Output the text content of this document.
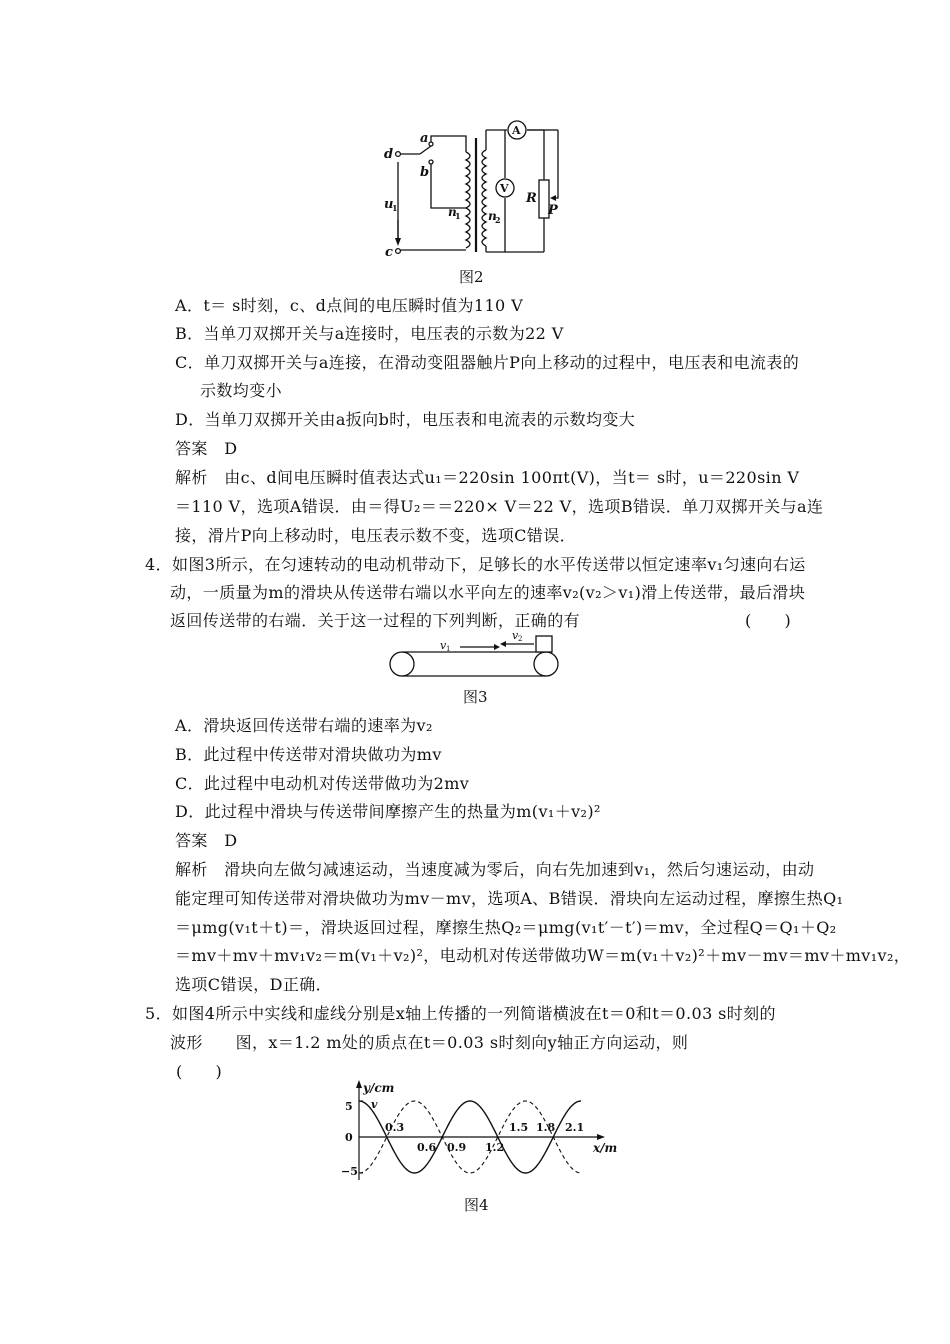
d
a
b
c
u
1	n
1 n
2
A
V
R
P
图2
A．t＝ s时刻，c、d点间的电压瞬时值为110 V
B．当单刀双掷开关与a连接时，电压表的示数为22 V
C．单刀双掷开关与a连接，在滑动变阻器触片P向上移动的过程中，电压表和电流表的
示数均变小
D．当单刀双掷开关由a扳向b时，电压表和电流表的示数均变大
答案　D
解析　由c、d间电压瞬时值表达式u₁＝220sin 100πt(V)，当t＝ s时，u＝220sin V
＝110 V，选项A错误．由＝得U₂＝＝220× V＝22 V，选项B错误．单刀双掷开关与a连
接，滑片P向上移动时，电压表示数不变，选项C错误．
4．如图3所示，在匀速转动的电动机带动下，足够长的水平传送带以恒定速率v₁匀速向右运
动，一质量为m的滑块从传送带右端以水平向左的速率v₂(v₂＞v₁)滑上传送带，最后滑块
返回传送带的右端．关于这一过程的下列判断，正确的有	(　　)
v 1
v 2
图3
A．滑块返回传送带右端的速率为v₂
B．此过程中传送带对滑块做功为mv
C．此过程中电动机对传送带做功为2mv
D．此过程中滑块与传送带间摩擦产生的热量为m(v₁＋v₂)²
答案　D
解析　滑块向左做匀减速运动，当速度减为零后，向右先加速到v₁，然后匀速运动，由动
能定理可知传送带对滑块做功为mv－mv，选项A、B错误．滑块向左运动过程，摩擦生热Q₁
＝μmg(v₁t＋t)＝，滑块返回过程，摩擦生热Q₂＝μmg(v₁t′－t′)＝mv，全过程Q＝Q₁＋Q₂
＝mv＋mv＋mv₁v₂＝m(v₁＋v₂)²，电动机对传送带做功W＝m(v₁＋v₂)²＋mv－mv＝mv＋mv₁v₂，
选项C错误，D正确．
5．如图4所示中实线和虚线分别是x轴上传播的一列简谐横波在t＝0和t＝0.03 s时刻的
波形　　图，x＝1.2 m处的质点在t＝0.03 s时刻向y轴正方向运动，则
(　　)
y/cm
x/m
v
5
0
−5
0.3
0.6 0.9 1.2
1.5 1.8 2.1
图4
